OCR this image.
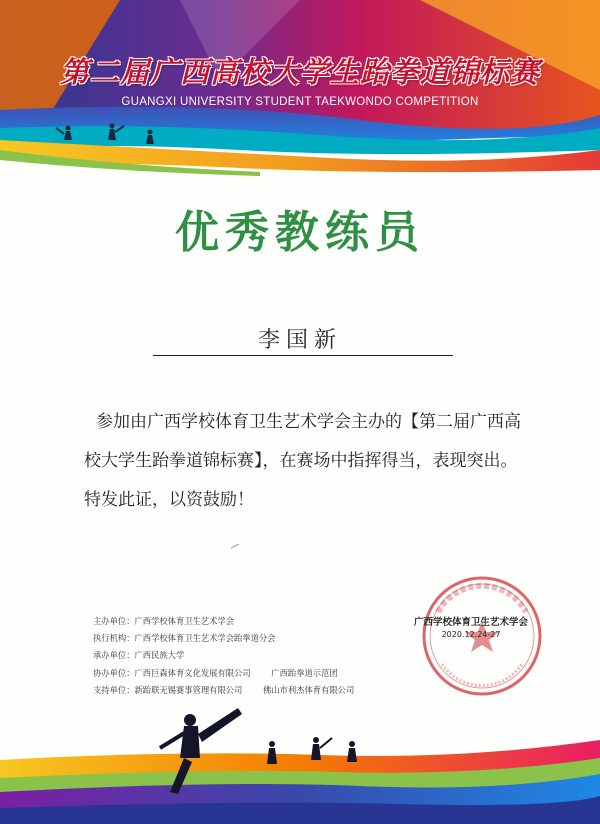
第二届广西高校大学生跆拳道锦标赛
GUANGXI UNIVERSITY STUDENT TAEKWONDO COMPETITION
优秀教练员
李国新

参加由广西学校体育卫生艺术学会主办的【第二届广西高

校大学生跆拳道锦标赛】，在赛场中指挥得当，表现突出。

特发此证，以资鼓励！

主办单位：广西学校体育卫生艺术学会
执行机构：广西学校体育卫生艺术学会跆拳道分会
承办单位：广西民族大学
协办单位：广西巨森体育文化发展有限公司 广西跆拳道示范团
支持单位：新跆联无锡赛事管理有限公司 佛山市利杰体育有限公司
广西学校体育卫生艺术学会
2020.12.24-27
